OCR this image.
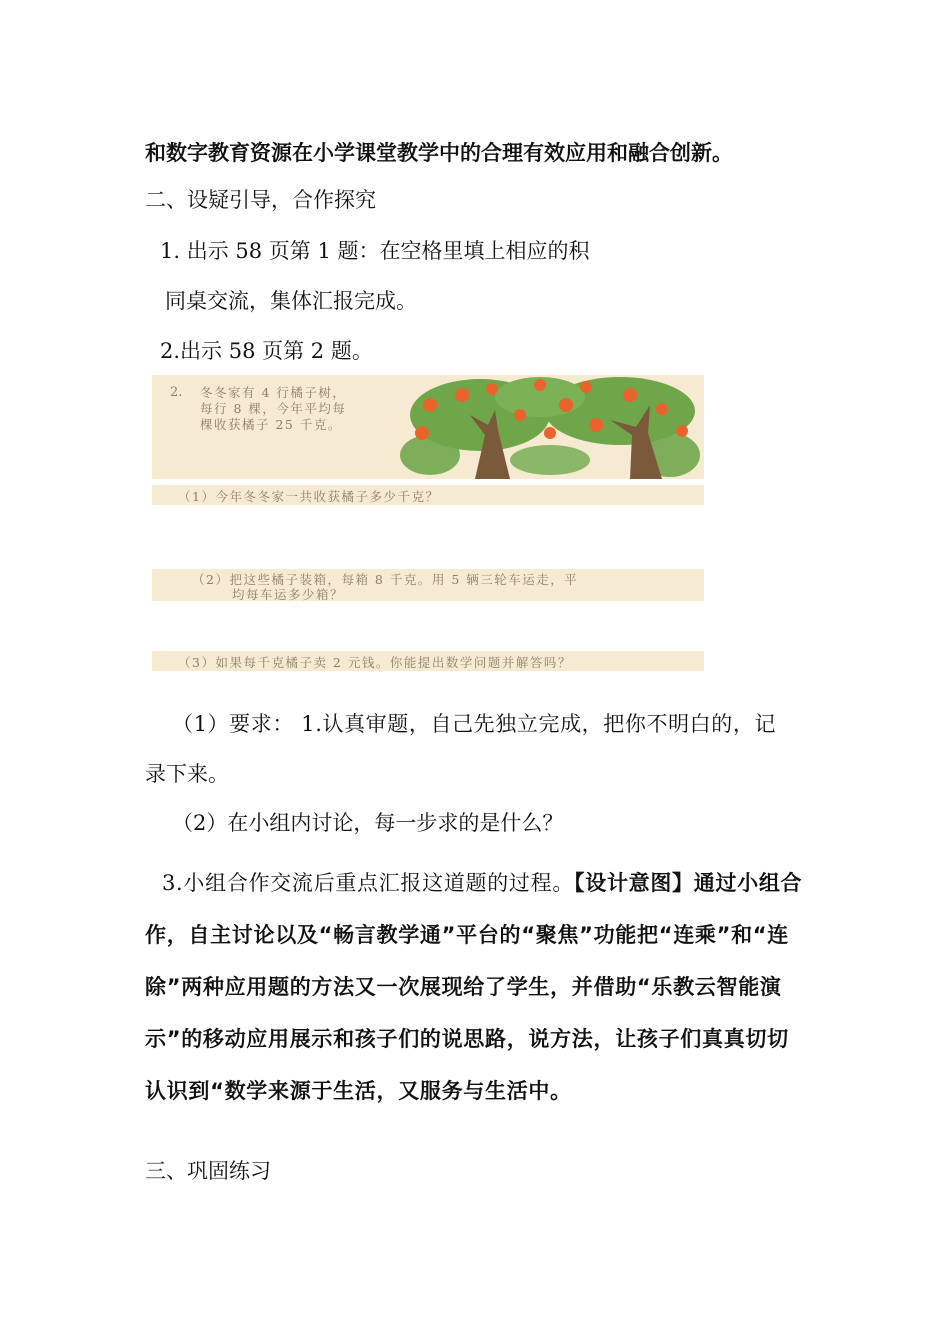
和数字教育资源在小学课堂教学中的合理有效应用和融合创新。
二、设疑引导，合作探究
1. 出示 58 页第 1 题：在空格里填上相应的积
同桌交流，集体汇报完成。
2.出示 58 页第 2 题。
2. 冬冬家有 4 行橘子树，
每行 8 棵，今年平均每
棵收获橘子 25 千克。
（1）今年冬冬家一共收获橘子多少千克？
（2）把这些橘子装箱，每箱 8 千克。用 5 辆三轮车运走，平
均每车运多少箱？
（3）如果每千克橘子卖 2 元钱。你能提出数学问题并解答吗？
（1）要求： 1.认真审题，自己先独立完成，把你不明白的，记
录下来。
（2）在小组内讨论，每一步求的是什么？
3.小组合作交流后重点汇报这道题的过程。【设计意图】通过小组合作，自主讨论以及“畅言教学通”平台的“聚焦”功能把“连乘”和“连除”两种应用题的方法又一次展现给了学生，并借助“乐教云智能演示”的移动应用展示和孩子们的说思路，说方法，让孩子们真真切切认识到“数学来源于生活，又服务与生活中。
三、巩固练习
